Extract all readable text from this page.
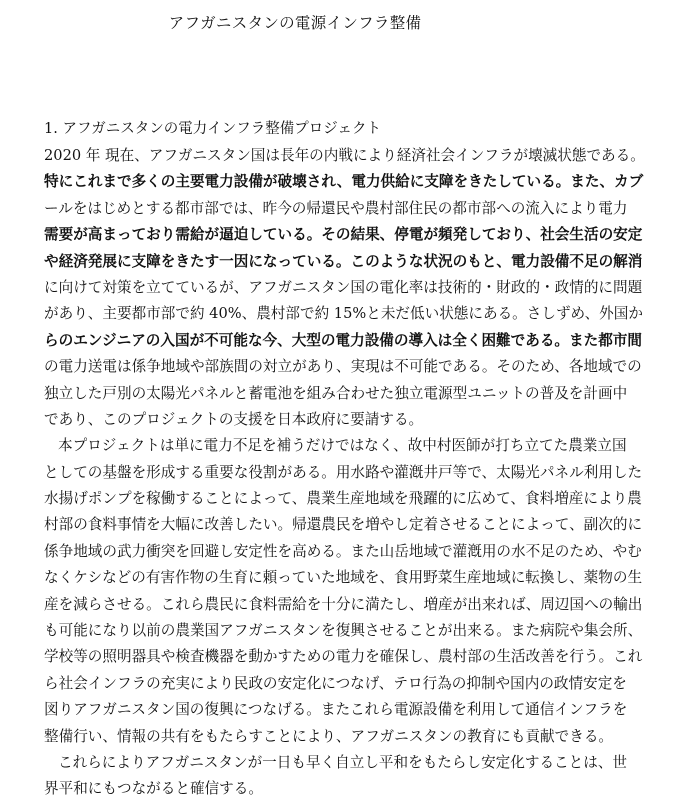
アフガニスタンの電源インフラ整備
1. アフガニスタンの電力インフラ整備プロジェクト
2020 年 現在、アフガニスタン国は長年の内戦により経済社会インフラが壊滅状態である。
特にこれまで多くの主要電力設備が破壊され、電力供給に支障をきたしている。また、カブ
ールをはじめとする都市部では、昨今の帰還民や農村部住民の都市部への流入により電力
需要が高まっており需給が逼迫している。その結果、停電が頻発しており、社会生活の安定
や経済発展に支障をきたす一因になっている。このような状況のもと、電力設備不足の解消
に向けて対策を立てているが、アフガニスタン国の電化率は技術的・財政的・政情的に問題
があり、主要都市部で約 40%、農村部で約 15%と未だ低い状態にある。さしずめ、外国か
らのエンジニアの入国が不可能な今、大型の電力設備の導入は全く困難である。また都市間
の電力送電は係争地域や部族間の対立があり、実現は不可能である。そのため、各地域での
独立した戸別の太陽光パネルと蓄電池を組み合わせた独立電源型ユニットの普及を計画中
であり、このプロジェクトの支援を日本政府に要請する。
本プロジェクトは単に電力不足を補うだけではなく、故中村医師が打ち立てた農業立国
としての基盤を形成する重要な役割がある。用水路や灌漑井戸等で、太陽光パネル利用した
水揚げポンプを稼働することによって、農業生産地域を飛躍的に広めて、食料増産により農
村部の食料事情を大幅に改善したい。帰還農民を増やし定着させることによって、副次的に
係争地域の武力衝突を回避し安定性を高める。また山岳地域で灌漑用の水不足のため、やむ
なくケシなどの有害作物の生育に頼っていた地域を、食用野菜生産地域に転換し、薬物の生
産を減らさせる。これら農民に食料需給を十分に満たし、増産が出来れば、周辺国への輸出
も可能になり以前の農業国アフガニスタンを復興させることが出来る。また病院や集会所、
学校等の照明器具や検査機器を動かすための電力を確保し、農村部の生活改善を行う。これ
ら社会インフラの充実により民政の安定化につなげ、テロ行為の抑制や国内の政情安定を
図りアフガニスタン国の復興につなげる。またこれら電源設備を利用して通信インフラを
整備行い、情報の共有をもたらすことにより、アフガニスタンの教育にも貢献できる。
これらによりアフガニスタンが一日も早く自立し平和をもたらし安定化することは、世
界平和にもつながると確信する。
